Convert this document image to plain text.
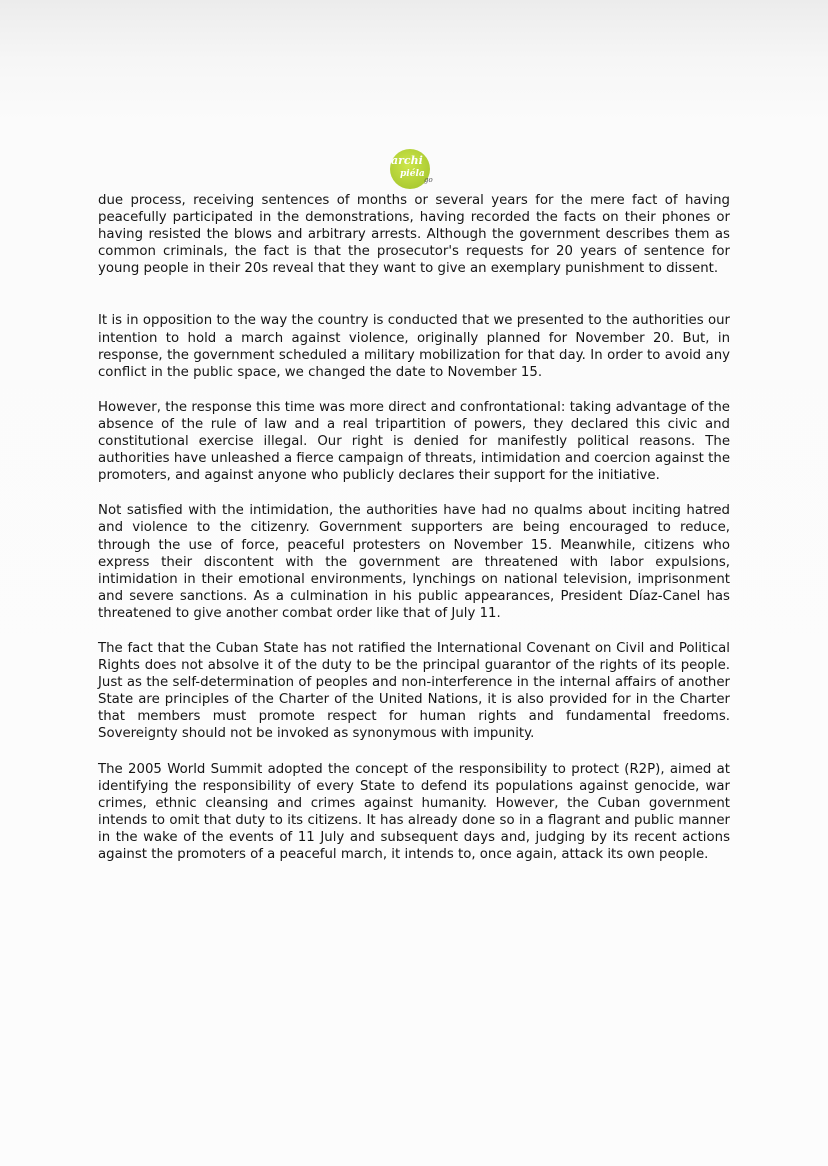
archi
piéla
go

due process, receiving sentences of months or several years for the mere fact of having peacefully participated in the demonstrations, having recorded the facts on their phones or having resisted the blows and arbitrary arrests. Although the government describes them as common criminals, the fact is that the prosecutor's requests for 20 years of sentence for young people in their 20s reveal that they want to give an exemplary punishment to dissent.

It is in opposition to the way the country is conducted that we presented to the authorities our intention to hold a march against violence, originally planned for November 20. But, in response, the government scheduled a military mobilization for that day. In order to avoid any conflict in the public space, we changed the date to November 15.

However, the response this time was more direct and confrontational: taking advantage of the absence of the rule of law and a real tripartition of powers, they declared this civic and constitutional exercise illegal. Our right is denied for manifestly political reasons. The authorities have unleashed a fierce campaign of threats, intimidation and coercion against the promoters, and against anyone who publicly declares their support for the initiative.

Not satisfied with the intimidation, the authorities have had no qualms about inciting hatred and violence to the citizenry. Government supporters are being encouraged to reduce, through the use of force, peaceful protesters on November 15. Meanwhile, citizens who express their discontent with the government are threatened with labor expulsions, intimidation in their emotional environments, lynchings on national television, imprisonment and severe sanctions. As a culmination in his public appearances, President Díaz-Canel has threatened to give another combat order like that of July 11.

The fact that the Cuban State has not ratified the International Covenant on Civil and Political Rights does not absolve it of the duty to be the principal guarantor of the rights of its people. Just as the self-determination of peoples and non-interference in the internal affairs of another State are principles of the Charter of the United Nations, it is also provided for in the Charter that members must promote respect for human rights and fundamental freedoms. Sovereignty should not be invoked as synonymous with impunity.

The 2005 World Summit adopted the concept of the responsibility to protect (R2P), aimed at identifying the responsibility of every State to defend its populations against genocide, war crimes, ethnic cleansing and crimes against humanity. However, the Cuban government intends to omit that duty to its citizens. It has already done so in a flagrant and public manner in the wake of the events of 11 July and subsequent days and, judging by its recent actions against the promoters of a peaceful march, it intends to, once again, attack its own people.
